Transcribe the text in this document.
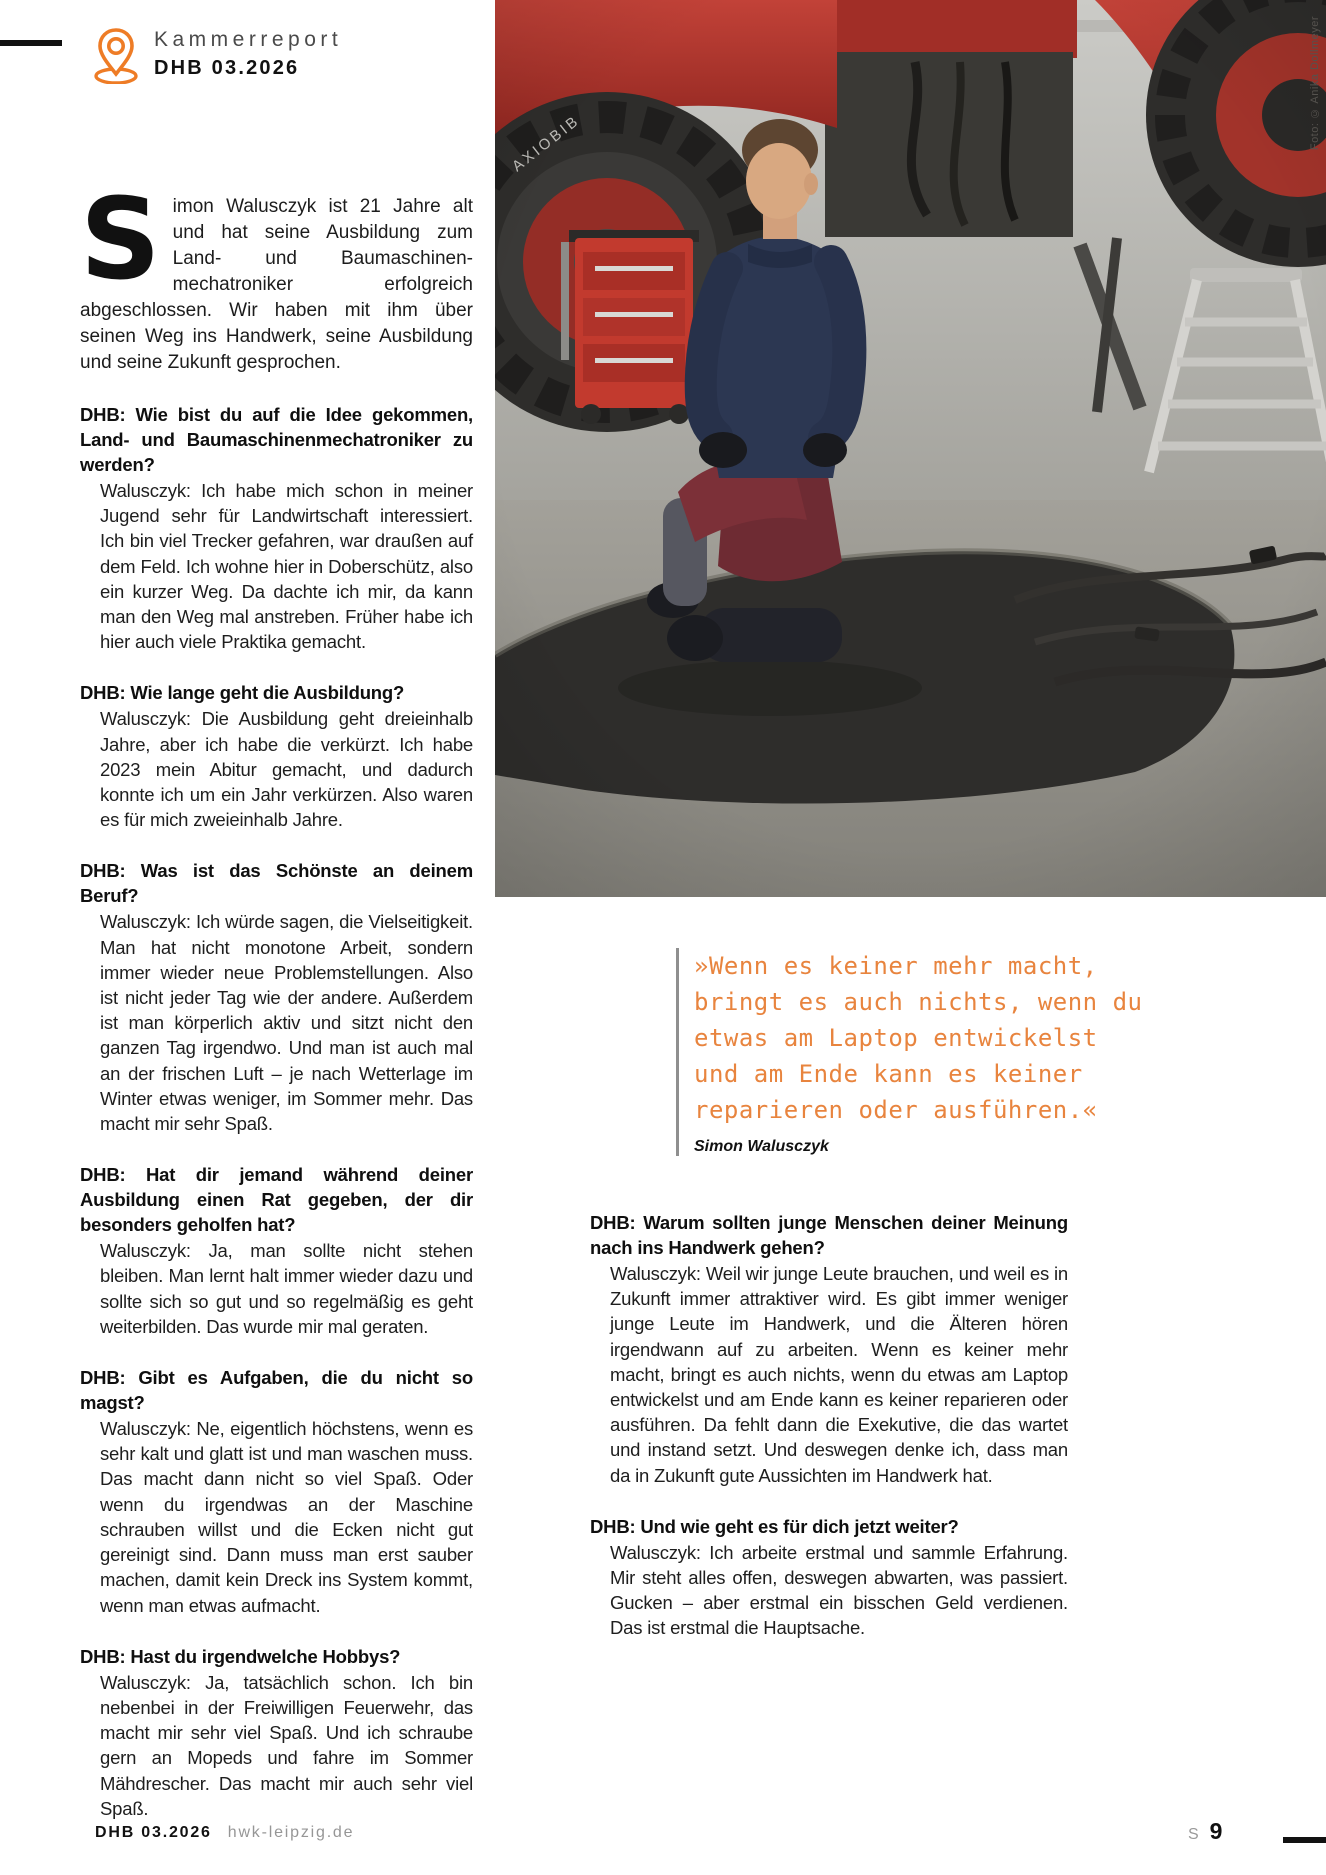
Kammerreport
DHB 03.2026	Foto: © Anika Dollmeyer

Simon Walusczyk ist 21 Jahre alt und hat seine Ausbildung zum Land- und Baumaschinenmechatroniker erfolgreich abgeschlossen. Wir haben mit ihm über seinen Weg ins Handwerk, seine Ausbildung und seine Zukunft gesprochen.

DHB: Wie bist du auf die Idee gekommen, Land- und Baumaschinenmechatroniker zu werden?

Walusczyk: Ich habe mich schon in meiner Jugend sehr für Landwirtschaft interessiert. Ich bin viel Trecker gefahren, war draußen auf dem Feld. Ich wohne hier in Doberschütz, also ein kurzer Weg. Da dachte ich mir, da kann man den Weg mal anstreben. Früher habe ich hier auch viele Praktika gemacht.

DHB: Wie lange geht die Ausbildung?

Walusczyk: Die Ausbildung geht dreieinhalb Jahre, aber ich habe die verkürzt. Ich habe 2023 mein Abitur gemacht, und dadurch konnte ich um ein Jahr verkürzen. Also waren es für mich zweieinhalb Jahre.

DHB: Was ist das Schönste an deinem Beruf?

Walusczyk: Ich würde sagen, die Vielseitigkeit. Man hat nicht monotone Arbeit, sondern immer wieder neue Problemstellungen. Also ist nicht jeder Tag wie der andere. Außerdem ist man körperlich aktiv und sitzt nicht den ganzen Tag irgendwo. Und man ist auch mal an der frischen Luft – je nach Wetterlage im Winter etwas weniger, im Sommer mehr. Das macht mir sehr Spaß.

DHB: Hat dir jemand während deiner Ausbildung einen Rat gegeben, der dir besonders geholfen hat?

Walusczyk: Ja, man sollte nicht stehen bleiben. Man lernt halt immer wieder dazu und sollte sich so gut und so regelmäßig es geht weiterbilden. Das wurde mir mal geraten.

DHB: Gibt es Aufgaben, die du nicht so magst?

Walusczyk: Ne, eigentlich höchstens, wenn es sehr kalt und glatt ist und man waschen muss. Das macht dann nicht so viel Spaß. Oder wenn du irgendwas an der Maschine schrauben willst und die Ecken nicht gut gereinigt sind. Dann muss man erst sauber machen, damit kein Dreck ins System kommt, wenn man etwas aufmacht.

DHB: Hast du irgendwelche Hobbys?

Walusczyk: Ja, tatsächlich schon. Ich bin nebenbei in der Freiwilligen Feuerwehr, das macht mir sehr viel Spaß. Und ich schraube gern an Mopeds und fahre im Sommer Mähdrescher. Das macht mir auch sehr viel Spaß.

»Wenn es keiner mehr macht, bringt es auch nichts, wenn du etwas am Laptop entwickelst und am Ende kann es keiner reparieren oder ausführen.«

Simon Walusczyk
DHB: Warum sollten junge Menschen deiner Meinung nach ins Handwerk gehen?

Walusczyk: Weil wir junge Leute brauchen, und weil es in Zukunft immer attraktiver wird. Es gibt immer weniger junge Leute im Handwerk, und die Älteren hören irgendwann auf zu arbeiten. Wenn es keiner mehr macht, bringt es auch nichts, wenn du etwas am Laptop entwickelst und am Ende kann es keiner reparieren oder ausführen. Da fehlt dann die Exekutive, die das wartet und instand setzt. Und deswegen denke ich, dass man da in Zukunft gute Aussichten im Handwerk hat.

DHB: Und wie geht es für dich jetzt weiter?

Walusczyk: Ich arbeite erstmal und sammle Erfahrung. Mir steht alles offen, deswegen abwarten, was passiert. Gucken – aber erstmal ein bisschen Geld verdienen. Das ist erstmal die Hauptsache.

DHB 03.2026 hwk-leipzig.de	S 9
